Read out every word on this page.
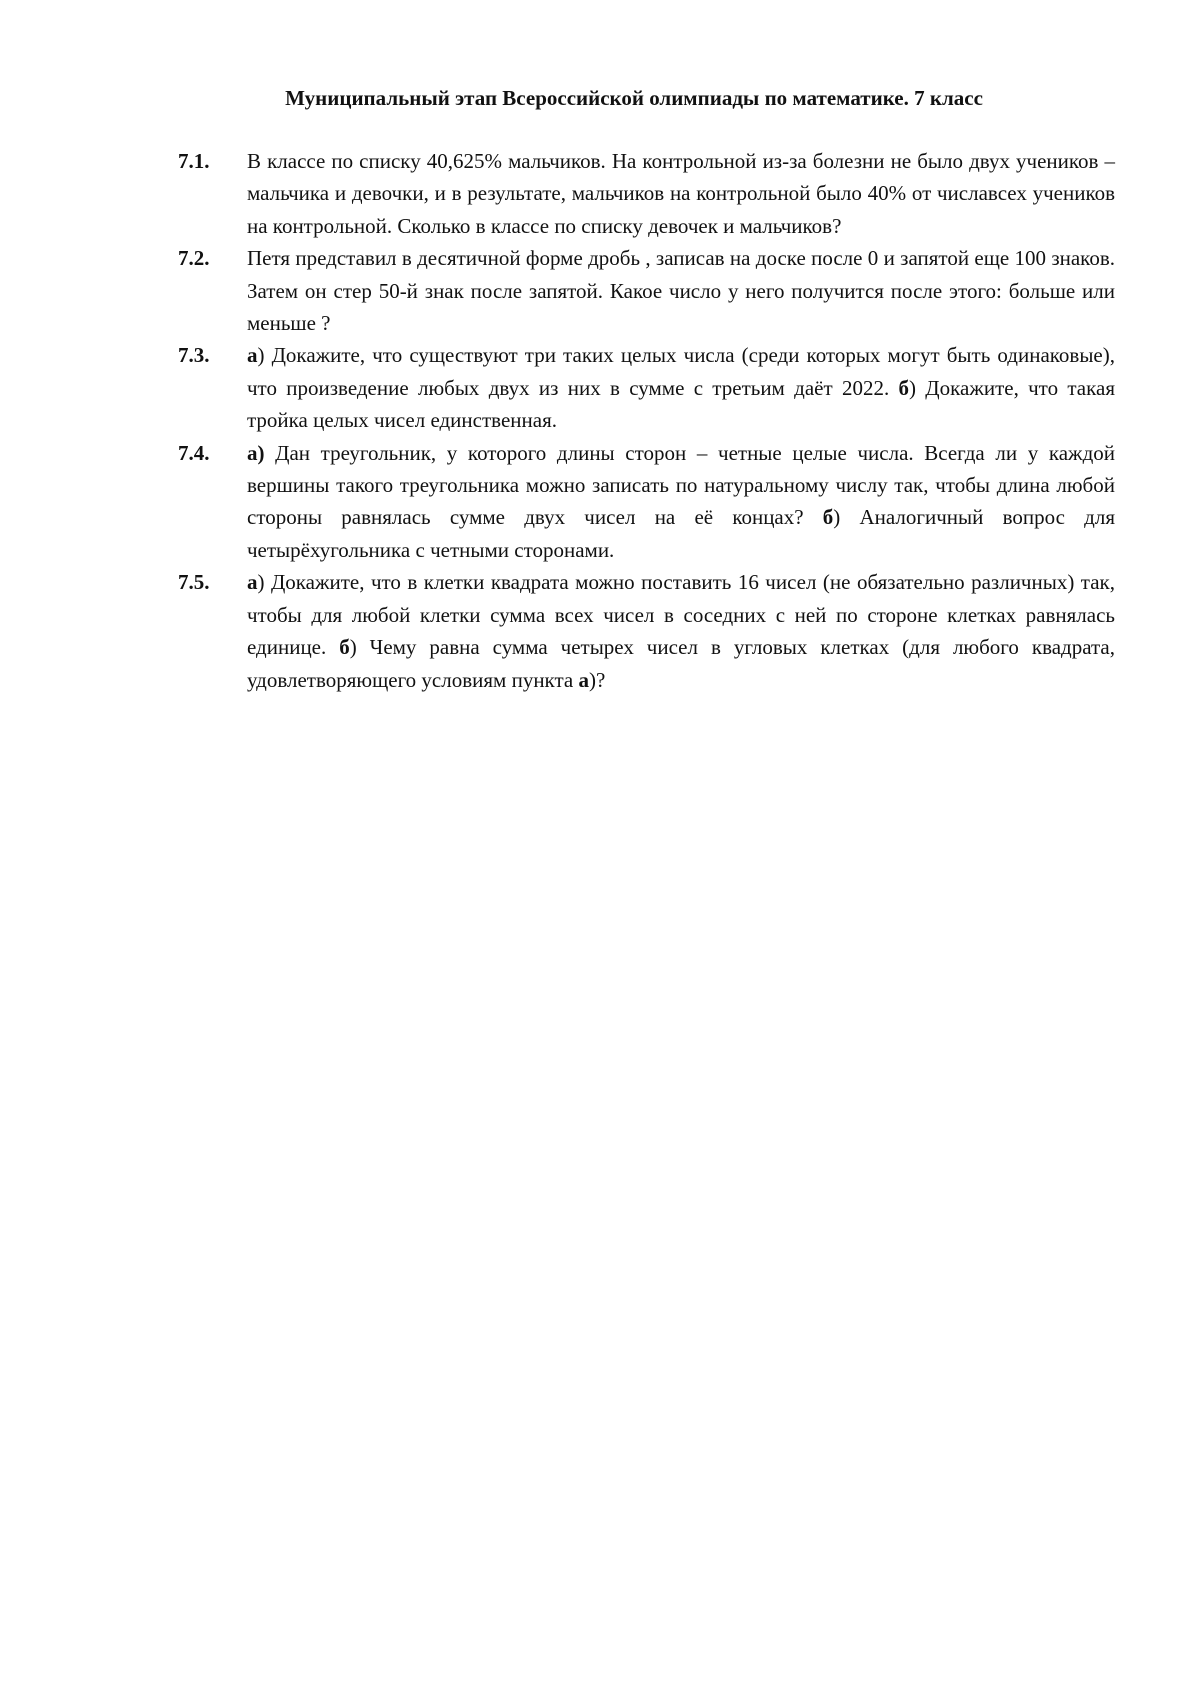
Муниципальный этап Всероссийской олимпиады по математике. 7 класс
7.1.	В классе по списку 40,625% мальчиков. На контрольной из-за болезни не было двух учеников – мальчика и девочки, и в результате, мальчиков на контрольной было 40% от числавсех учеников на контрольной. Сколько в классе по списку девочек и мальчиков?
7.2.	Петя представил в десятичной форме дробь , записав на доске после 0 и запятой еще 100 знаков. Затем он стер 50-й знак после запятой. Какое число у него получится после этого: больше или меньше ?
7.3.	а) Докажите, что существуют три таких целых числа (среди которых могут быть одинаковые), что произведение любых двух из них в сумме с третьим даёт 2022. б) Докажите, что такая тройка целых чисел единственная.
7.4.	а) Дан треугольник, у которого длины сторон – четные целые числа. Всегда ли у каждой вершины такого треугольника можно записать по натуральному числу так, чтобы длина любой стороны равнялась сумме двух чисел на её концах? б) Аналогичный вопрос для четырёхугольника с четными сторонами.
7.5.	а) Докажите, что в клетки квадрата можно поставить 16 чисел (не обязательно различных) так, чтобы для любой клетки сумма всех чисел в соседних с ней по стороне клетках равнялась единице. б) Чему равна сумма четырех чисел в угловых клетках (для любого квадрата, удовлетворяющего условиям пункта а)?
